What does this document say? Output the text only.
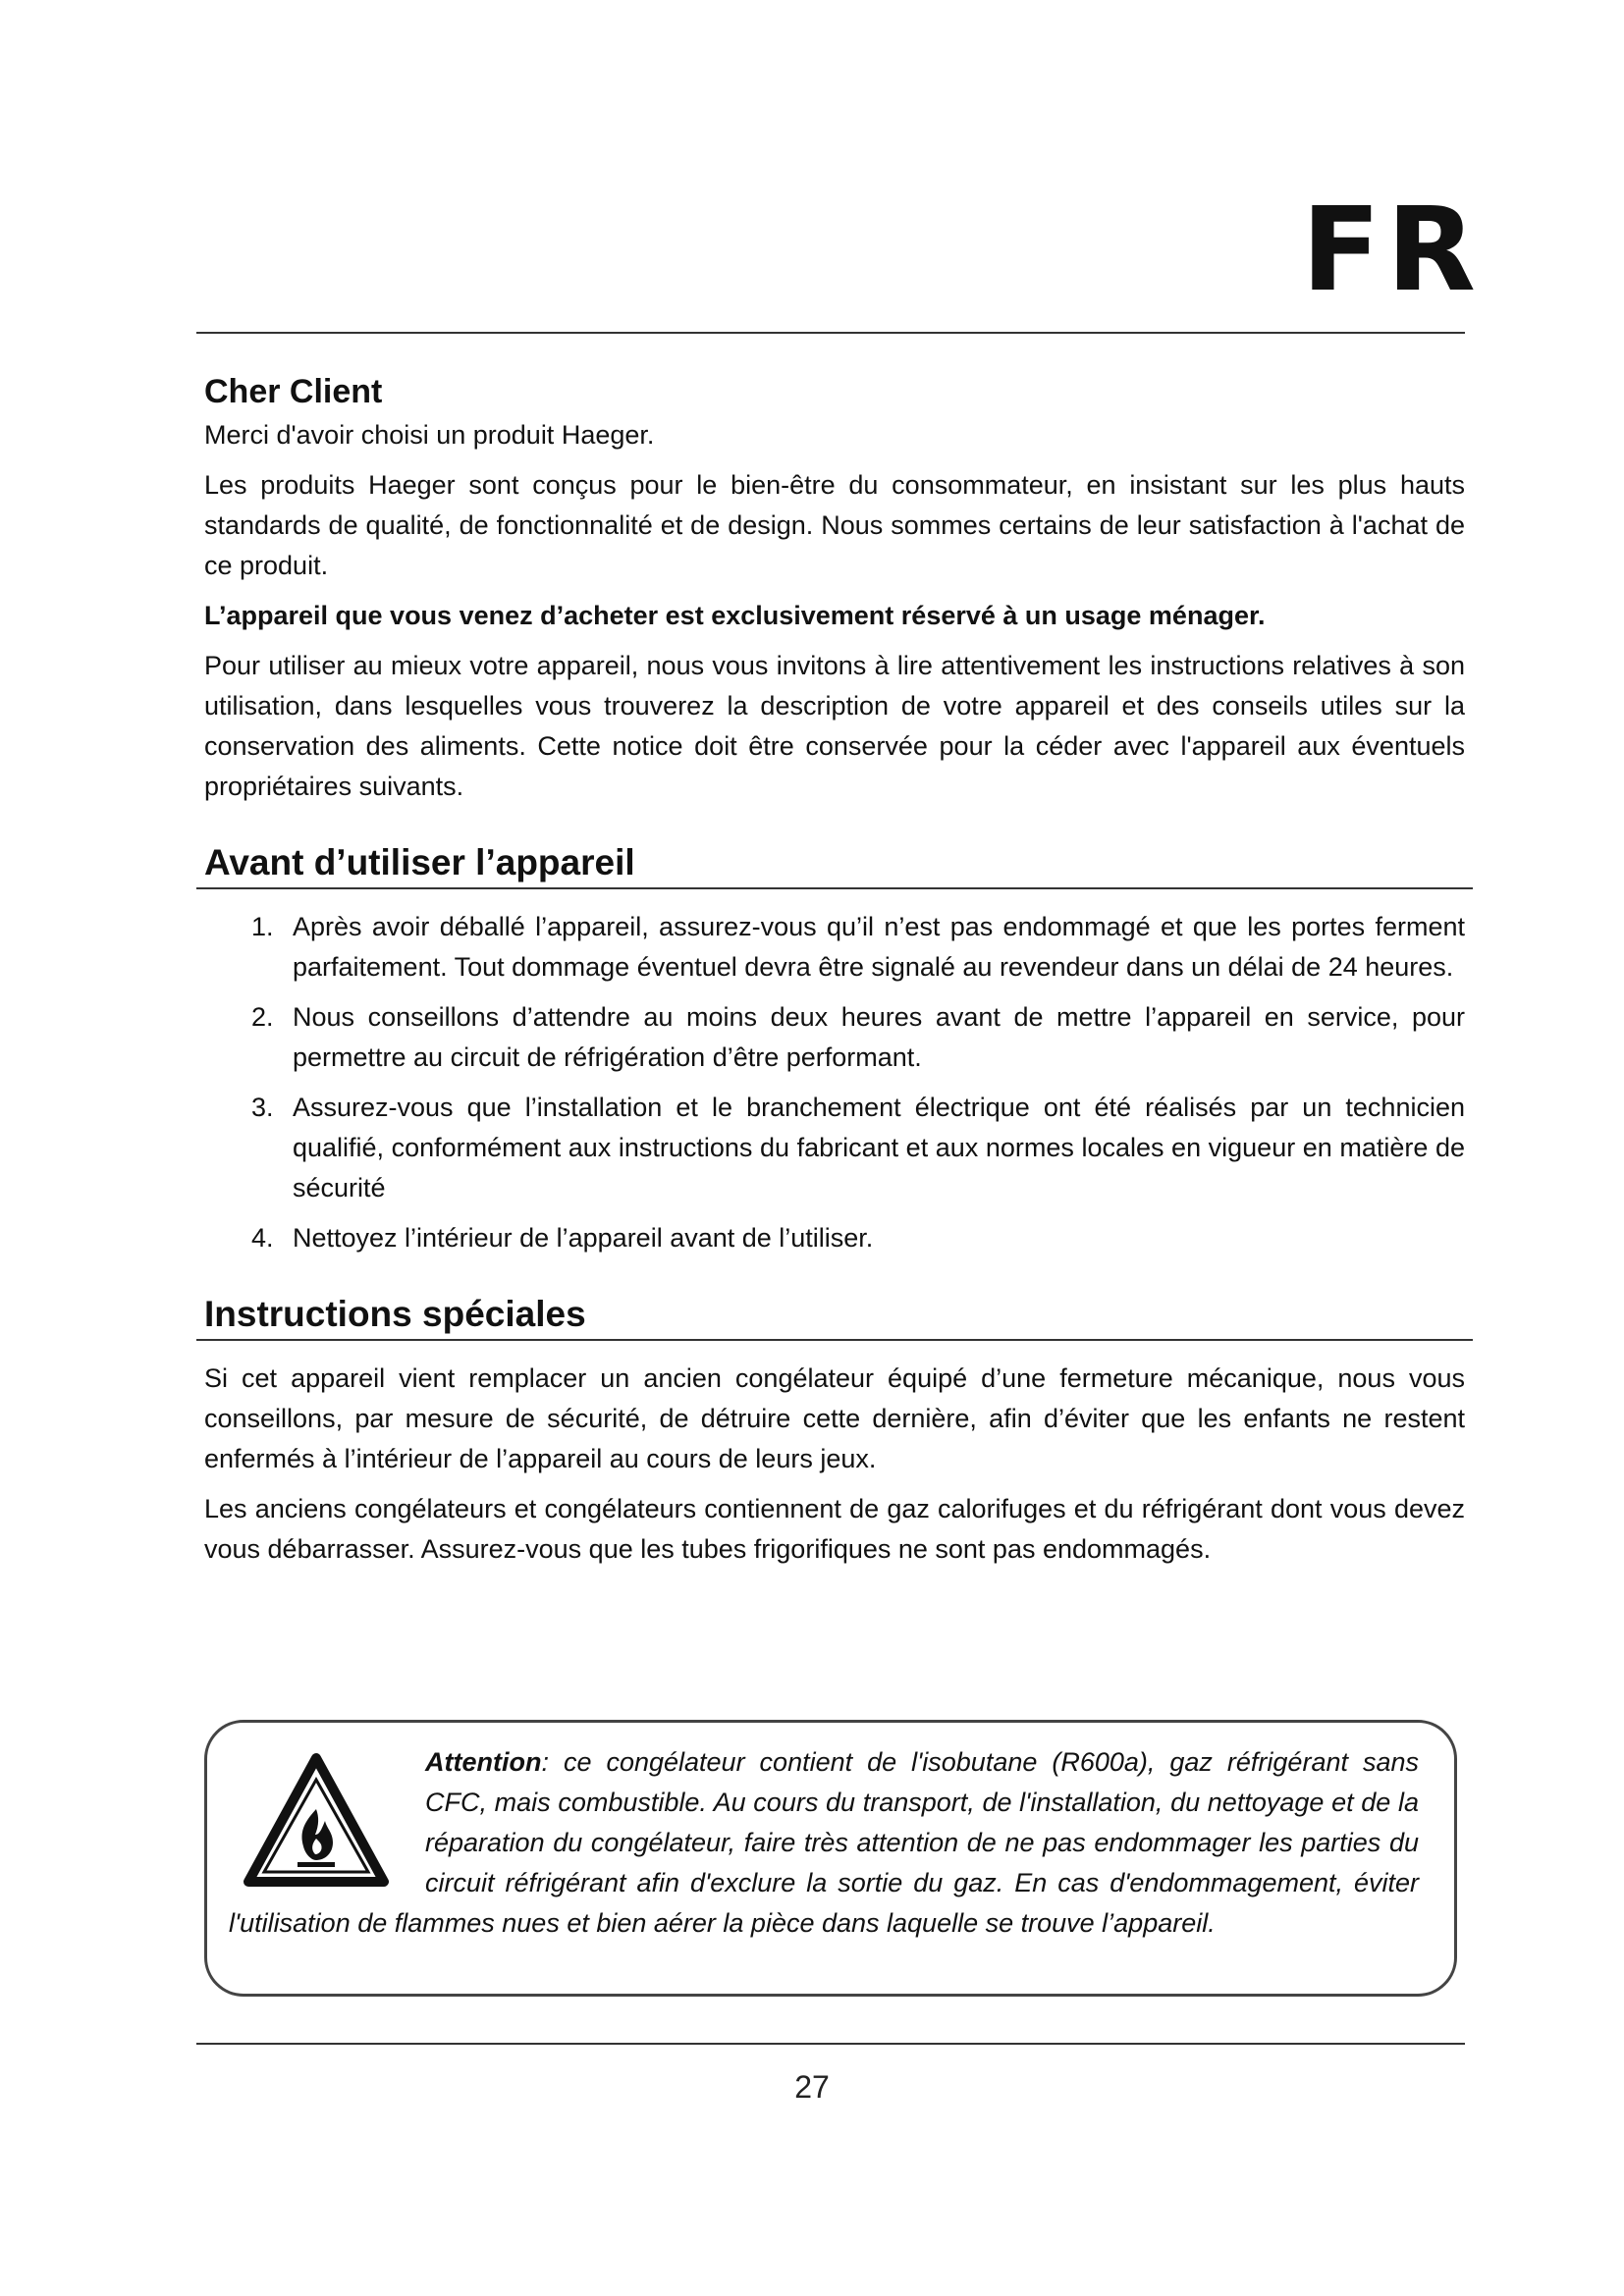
FR
Cher Client

Merci d'avoir choisi un produit Haeger.

Les produits Haeger sont conçus pour le bien-être du consommateur, en insistant sur les plus hauts standards de qualité, de fonctionnalité et de design. Nous sommes certains de leur satisfaction à l'achat de ce produit.

L’appareil que vous venez d’acheter est exclusivement réservé à un usage ménager.

Pour utiliser au mieux votre appareil, nous vous invitons à lire attentivement les instructions relatives à son utilisation, dans lesquelles vous trouverez la description de votre appareil et des conseils utiles sur la conservation des aliments. Cette notice doit être conservée pour la céder avec l'appareil aux éventuels propriétaires suivants.

Avant d’utiliser l’appareil
1. Après avoir déballé l’appareil, assurez-vous qu’il n’est pas endommagé et que les portes ferment parfaitement. Tout dommage éventuel devra être signalé au revendeur dans un délai de 24 heures.
2. Nous conseillons d’attendre au moins deux heures avant de mettre l’appareil en service, pour permettre au circuit de réfrigération d’être performant.
3. Assurez-vous que l’installation et le branchement électrique ont été réalisés par un technicien qualifié, conformément aux instructions du fabricant et aux normes locales en vigueur en matière de sécurité
4. Nettoyez l’intérieur de l’appareil avant de l’utiliser.
Instructions spéciales

Si cet appareil vient remplacer un ancien congélateur équipé d’une fermeture mécanique, nous vous conseillons, par mesure de sécurité, de détruire cette dernière, afin d’éviter que les enfants ne restent enfermés à l’intérieur de l’appareil au cours de leurs jeux.

Les anciens congélateurs et congélateurs contiennent de gaz calorifuges et du réfrigérant dont vous devez vous débarrasser. Assurez-vous que les tubes frigorifiques ne sont pas endommagés.

Attention: ce congélateur contient de l'isobutane (R600a), gaz réfrigérant sans CFC, mais combustible. Au cours du transport, de l'installation, du nettoyage et de la réparation du congélateur, faire très attention de ne pas endommager les parties du circuit réfrigérant afin d'exclure la sortie du gaz. En cas d'endommagement, éviter l'utilisation de flammes nues et bien aérer la pièce dans laquelle se trouve l’appareil.
27
